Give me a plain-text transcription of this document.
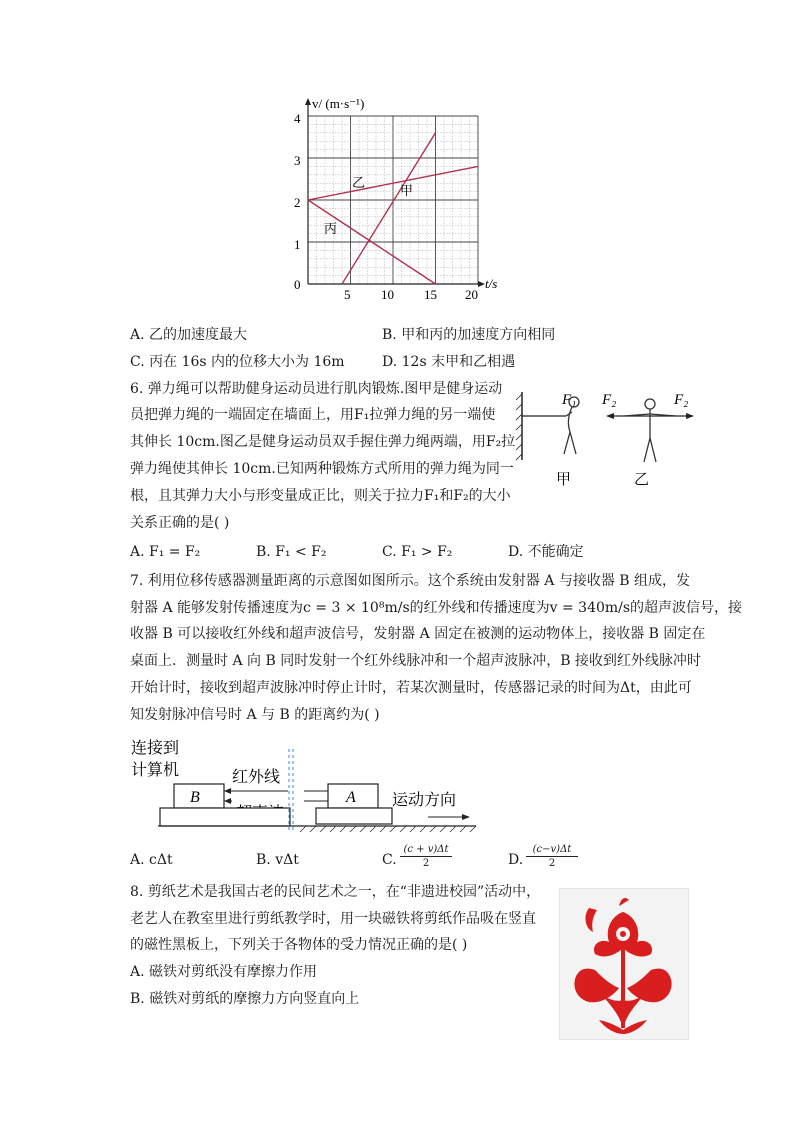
v/ (m·s⁻¹)
t/s
4
3
2
1
0
5 10 15 20
乙
甲
丙
A. 乙的加速度最大	B. 甲和丙的加速度方向相同
C. 丙在 16s 内的位移大小为 16m	D. 12s 末甲和乙相遇
6. 弹力绳可以帮助健身运动员进行肌肉锻炼.图甲是健身运动
员把弹力绳的一端固定在墙面上，用F₁拉弹力绳的另一端使
其伸长 10cm.图乙是健身运动员双手握住弹力绳两端，用F₂拉
弹力绳使其伸长 10cm.已知两种锻炼方式所用的弹力绳为同一
根，且其弹力大小与形变量成正比，则关于拉力F₁和F₂的大小
关系正确的是( )
F₁ F₂	F₂
甲	乙
A. F₁ = F₂	B. F₁ < F₂	C. F₁ > F₂	D. 不能确定
7. 利用位移传感器测量距离的示意图如图所示。这个系统由发射器 A 与接收器 B 组成，发
射器 A 能够发射传播速度为c = 3 × 10⁸m/s的红外线和传播速度为v = 340m/s的超声波信号，接
收器 B 可以接收红外线和超声波信号，发射器 A 固定在被测的运动物体上，接收器 B 固定在
桌面上．测量时 A 向 B 同时发射一个红外线脉冲和一个超声波脉冲，B 接收到红外线脉冲时
开始计时，接收到超声波脉冲时停止计时，若某次测量时，传感器记录的时间为Δt，由此可
知发射脉冲信号时 A 与 B 的距离约为( )
连接到
计算机	红外线
B	A 运动方向
A. cΔt	B. vΔt	C. $\frac{(c + v)\Delta t}{2}$	D. $\frac{(c-v)\Delta t}{2}$
8. 剪纸艺术是我国古老的民间艺术之一，在“非遗进校园”活动中，
老艺人在教室里进行剪纸教学时，用一块磁铁将剪纸作品吸在竖直
的磁性黑板上，下列关于各物体的受力情况正确的是( )
A. 磁铁对剪纸没有摩擦力作用
B. 磁铁对剪纸的摩擦力方向竖直向上
